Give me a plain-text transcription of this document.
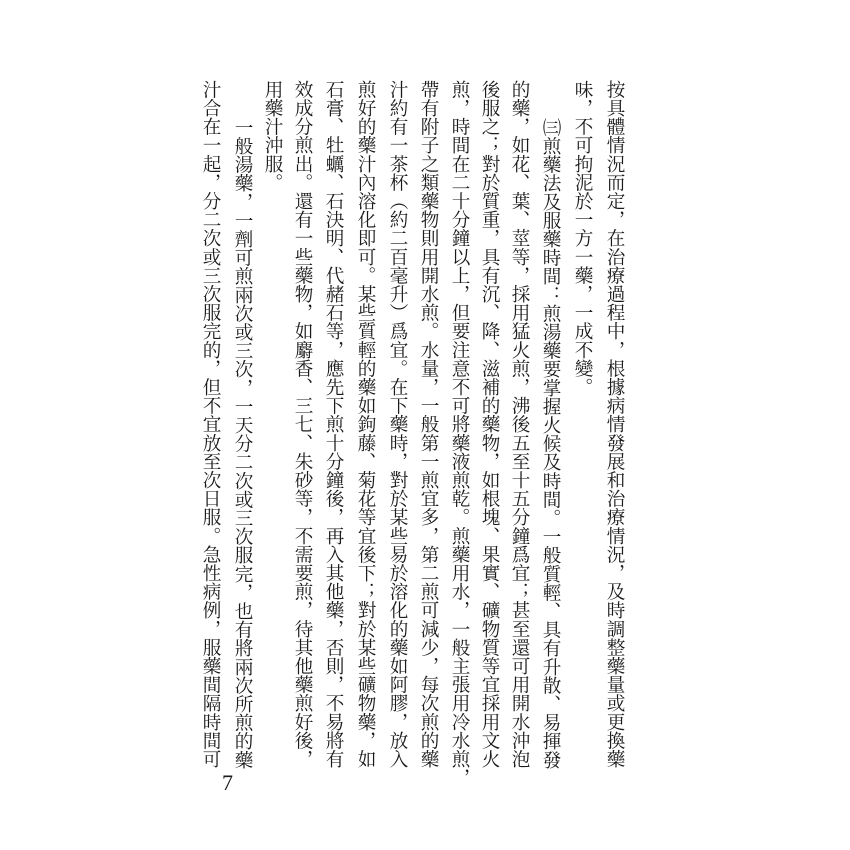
按具體情況而定，在治療過程中，根據病情發展和治療情況，及時調整藥量或更換藥
味，不可拘泥於一方一藥，一成不變。
㈢煎藥法及服藥時間：煎湯藥要掌握火候及時間。一般質輕、具有升散、易揮發
的藥，如花、葉、莖等，採用猛火煎，沸後五至十五分鐘爲宜；甚至還可用開水沖泡
後服之；對於質重，具有沉、降、滋補的藥物，如根塊、果實、礦物質等宜採用文火
煎，時間在二十分鐘以上，但要注意不可將藥液煎乾。煎藥用水，一般主張用冷水煎，
帶有附子之類藥物則用開水煎。水量，一般第一煎宜多，第二煎可減少，每次煎的藥
汁約有一茶杯（約二百毫升）爲宜。在下藥時，對於某些易於溶化的藥如阿膠，放入
煎好的藥汁內溶化即可。某些質輕的藥如鉤藤、菊花等宜後下；對於某些礦物藥，如
石膏、牡蠣、石決明、代赭石等，應先下煎十分鐘後，再入其他藥，否則，不易將有
效成分煎出。還有一些藥物，如麝香、三七、朱砂等，不需要煎，待其他藥煎好後，
用藥汁沖服。
一般湯藥，一劑可煎兩次或三次，一天分二次或三次服完，也有將兩次所煎的藥
汁合在一起，分二次或三次服完的，但不宜放至次日服。急性病例，服藥間隔時間可
7
